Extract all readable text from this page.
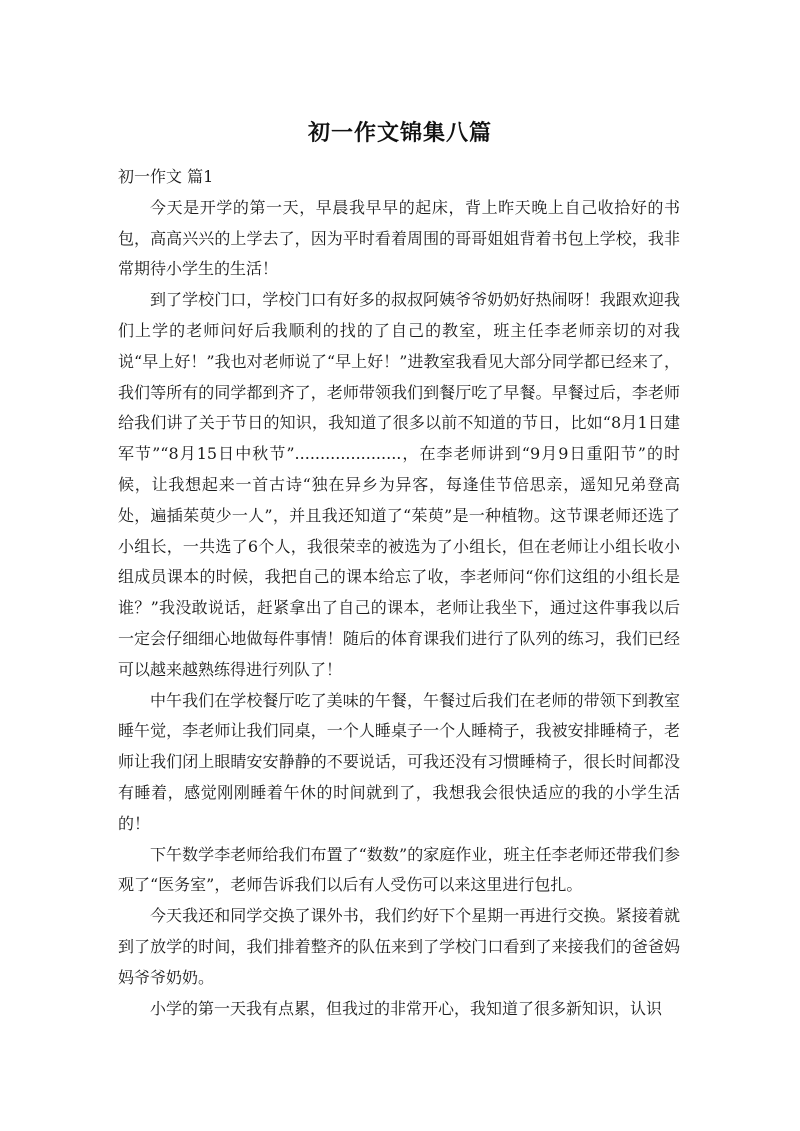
初一作文锦集八篇

初一作文 篇1

今天是开学的第一天，早晨我早早的起床，背上昨天晚上自己收拾好的书包，高高兴兴的上学去了，因为平时看着周围的哥哥姐姐背着书包上学校，我非常期待小学生的生活！

到了学校门口，学校门口有好多的叔叔阿姨爷爷奶奶好热闹呀！我跟欢迎我们上学的老师问好后我顺利的找的了自己的教室，班主任李老师亲切的对我说“早上好！”我也对老师说了“早上好！”进教室我看见大部分同学都已经来了，我们等所有的同学都到齐了，老师带领我们到餐厅吃了早餐。早餐过后，李老师给我们讲了关于节日的知识，我知道了很多以前不知道的节日，比如“8月1日建军节”“8月15日中秋节”.....................，在李老师讲到“9月9日重阳节”的时候，让我想起来一首古诗“独在异乡为异客，每逢佳节倍思亲，遥知兄弟登高处，遍插茱萸少一人”，并且我还知道了“茱萸”是一种植物。这节课老师还选了小组长，一共选了6个人，我很荣幸的被选为了小组长，但在老师让小组长收小组成员课本的时候，我把自己的课本给忘了收，李老师问“你们这组的小组长是谁？”我没敢说话，赶紧拿出了自己的课本，老师让我坐下，通过这件事我以后一定会仔细细心地做每件事情！随后的体育课我们进行了队列的练习，我们已经可以越来越熟练得进行列队了！

中午我们在学校餐厅吃了美味的午餐，午餐过后我们在老师的带领下到教室睡午觉，李老师让我们同桌，一个人睡桌子一个人睡椅子，我被安排睡椅子，老师让我们闭上眼睛安安静静的不要说话，可我还没有习惯睡椅子，很长时间都没有睡着，感觉刚刚睡着午休的时间就到了，我想我会很快适应的我的小学生活的！

下午数学李老师给我们布置了“数数”的家庭作业，班主任李老师还带我们参观了“医务室”，老师告诉我们以后有人受伤可以来这里进行包扎。

今天我还和同学交换了课外书，我们约好下个星期一再进行交换。紧接着就到了放学的时间，我们排着整齐的队伍来到了学校门口看到了来接我们的爸爸妈妈爷爷奶奶。

小学的第一天我有点累，但我过的非常开心，我知道了很多新知识，认识
